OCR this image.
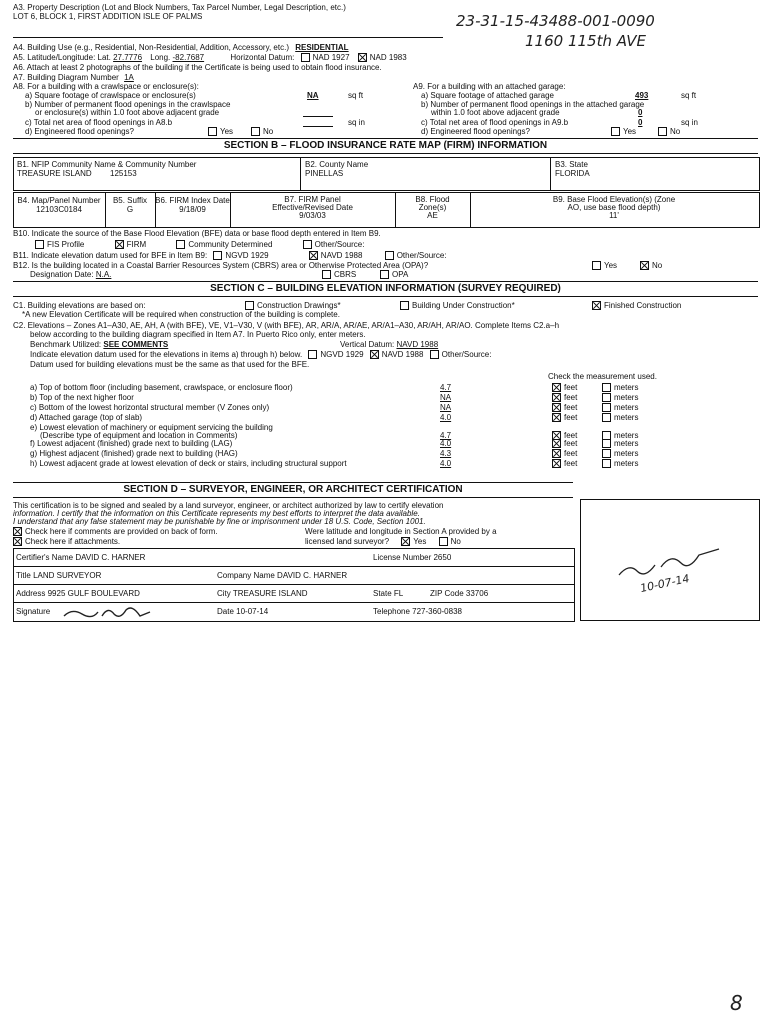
A3. Property Description (Lot and Block Numbers, Tax Parcel Number, Legal Description, etc.)
LOT 6, BLOCK 1, FIRST ADDITION ISLE OF PALMS	23-31-15-43488-001-0090
1160 115th AVE
A4. Building Use (e.g., Residential, Non-Residential, Addition, Accessory, etc.) RESIDENTIAL
A5. Latitude/Longitude: Lat. 27.7776 Long. -82.7687	Horizontal Datum: NAD 1927	NAD 1983
A6. Attach at least 2 photographs of the building if the Certificate is being used to obtain flood insurance.
A7. Building Diagram Number 1A
A8. For a building with a crawlspace or enclosure(s):
a) Square footage of crawlspace or enclosure(s)	NA	sq ft
b) Number of permanent flood openings in the crawlspace
or enclosure(s) within 1.0 foot above adjacent grade
c) Total net area of flood openings in A8.b	sq in
d) Engineered flood openings?	Yes	No
A9. For a building with an attached garage:
a) Square footage of attached garage	493	sq ft
b) Number of permanent flood openings in the attached garage
within 1.0 foot above adjacent grade	0
c) Total net area of flood openings in A9.b	0	sq in
d) Engineered flood openings?	Yes	No
SECTION B – FLOOD INSURANCE RATE MAP (FIRM) INFORMATION
B1. NFIP Community Name & Community Number
TREASURE ISLAND 125153
B2. County Name
PINELLAS
B3. State
FLORIDA
B4. Map/Panel Number
12103C0184
B5. Suffix
G
B6. FIRM Index Date
9/18/09
B7. FIRM Panel
Effective/Revised Date
9/03/03
B8. Flood
Zone(s)
AE
B9. Base Flood Elevation(s) (Zone
AO, use base flood depth)
11'
B10. Indicate the source of the Base Flood Elevation (BFE) data or base flood depth entered in Item B9.
FIS Profile	FIRM	Community Determined	Other/Source:
B11. Indicate elevation datum used for BFE in Item B9: NGVD 1929	NAVD 1988	Other/Source:
B12. Is the building located in a Coastal Barrier Resources System (CBRS) area or Otherwise Protected Area (OPA)?	Yes	No
Designation Date: N.A.	CBRS	OPA
SECTION C – BUILDING ELEVATION INFORMATION (SURVEY REQUIRED)
C1. Building elevations are based on:	Construction Drawings*	Building Under Construction*	Finished Construction
*A new Elevation Certificate will be required when construction of the building is complete.
C2. Elevations – Zones A1–A30, AE, AH, A (with BFE), VE, V1–V30, V (with BFE), AR, AR/A, AR/AE, AR/A1–A30, AR/AH, AR/AO. Complete Items C2.a–h
below according to the building diagram specified in Item A7. In Puerto Rico only, enter meters.
Benchmark Utilized: SEE COMMENTS	Vertical Datum: NAVD 1988
Indicate elevation datum used for the elevations in items a) through h) below. NGVD 1929 NAVD 1988 Other/Source:
Datum used for building elevations must be the same as that used for the BFE.
Check the measurement used.
a) Top of bottom floor (including basement, crawlspace, or enclosure floor)	4.7	feet	meters
b) Top of the next higher floor	NA	feet	meters
c) Bottom of the lowest horizontal structural member (V Zones only)	NA	feet	meters
d) Attached garage (top of slab)	4.0	feet	meters
e) Lowest elevation of machinery or equipment servicing the building
(Describe type of equipment and location in Comments)	4.7	feet	meters
f) Lowest adjacent (finished) grade next to building (LAG)	4.0	feet	meters
g) Highest adjacent (finished) grade next to building (HAG)	4.3	feet	meters
h) Lowest adjacent grade at lowest elevation of deck or stairs, including structural support	4.0	feet	meters
SECTION D – SURVEYOR, ENGINEER, OR ARCHITECT CERTIFICATION
This certification is to be signed and sealed by a land surveyor, engineer, or architect authorized by law to certify elevation
information. I certify that the information on this Certificate represents my best efforts to interpret the data available.
I understand that any false statement may be punishable by fine or imprisonment under 18 U.S. Code, Section 1001.
Check here if comments are provided on back of form.
Check here if attachments.
Were latitude and longitude in Section A provided by a
licensed land surveyor?	Yes	No
Certifier's Name DAVID C. HARNER	License Number 2650
Title LAND SURVEYOR	Company Name DAVID C. HARNER
Address 9925 GULF BOULEVARD	City TREASURE ISLAND	State FL	ZIP Code 33706
Signature	Date 10-07-14	Telephone 727-360-0838
10-07-14
8
